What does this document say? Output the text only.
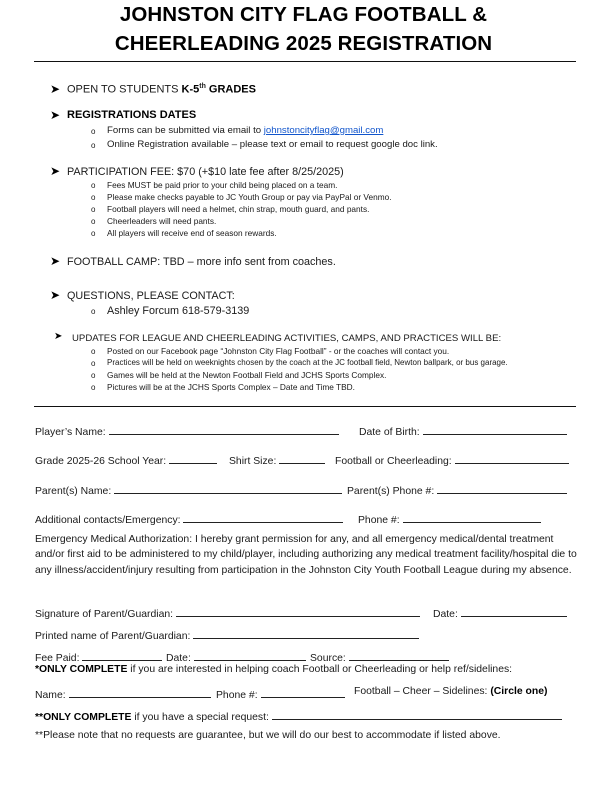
JOHNSTON CITY FLAG FOOTBALL &
CHEERLEADING 2025 REGISTRATION
➤ OPEN TO STUDENTS K-5th GRADES
➤ REGISTRATIONS DATES
o Forms can be submitted via email to johnstoncityflag@gmail.com
o Online Registration available – please text or email to request google doc link.
➤ PARTICIPATION FEE: $70 (+$10 late fee after 8/25/2025)
o Fees MUST be paid prior to your child being placed on a team.
o Please make checks payable to JC Youth Group or pay via PayPal or Venmo.
o Football players will need a helmet, chin strap, mouth guard, and pants.
o Cheerleaders will need pants.
o All players will receive end of season rewards.
➤ FOOTBALL CAMP: TBD – more info sent from coaches.
➤ QUESTIONS, PLEASE CONTACT:
o Ashley Forcum 618-579-3139
➤ UPDATES FOR LEAGUE AND CHEERLEADING ACTIVITIES, CAMPS, AND PRACTICES WILL BE:
o Posted on our Facebook page “Johnston City Flag Football” - or the coaches will contact you.
o Practices will be held on weeknights chosen by the coach at the JC football field, Newton ballpark, or bus garage.
o Games will be held at the Newton Football Field and JCHS Sports Complex.
o Pictures will be at the JCHS Sports Complex – Date and Time TBD.
Player’s Name:	Date of Birth:
Grade 2025-26 School Year:	Shirt Size:	Football or Cheerleading:
Parent(s) Name:	Parent(s) Phone #:
Additional contacts/Emergency:	Phone #:
Emergency Medical Authorization: I hereby grant permission for any, and all emergency medical/dental treatment and/or first aid to be administered to my child/player, including authorizing any medical treatment facility/hospital die to any illness/accident/injury resulting from participation in the Johnston City Youth Football League during my absence.
Signature of Parent/Guardian:	Date:
Printed name of Parent/Guardian:
Fee Paid:	Date:	Source:
*ONLY COMPLETE if you are interested in helping coach Football or Cheerleading or help ref/sidelines:
Name:	Phone #:	Football – Cheer – Sidelines: (Circle one)
**ONLY COMPLETE if you have a special request:
**Please note that no requests are guarantee, but we will do our best to accommodate if listed above.
